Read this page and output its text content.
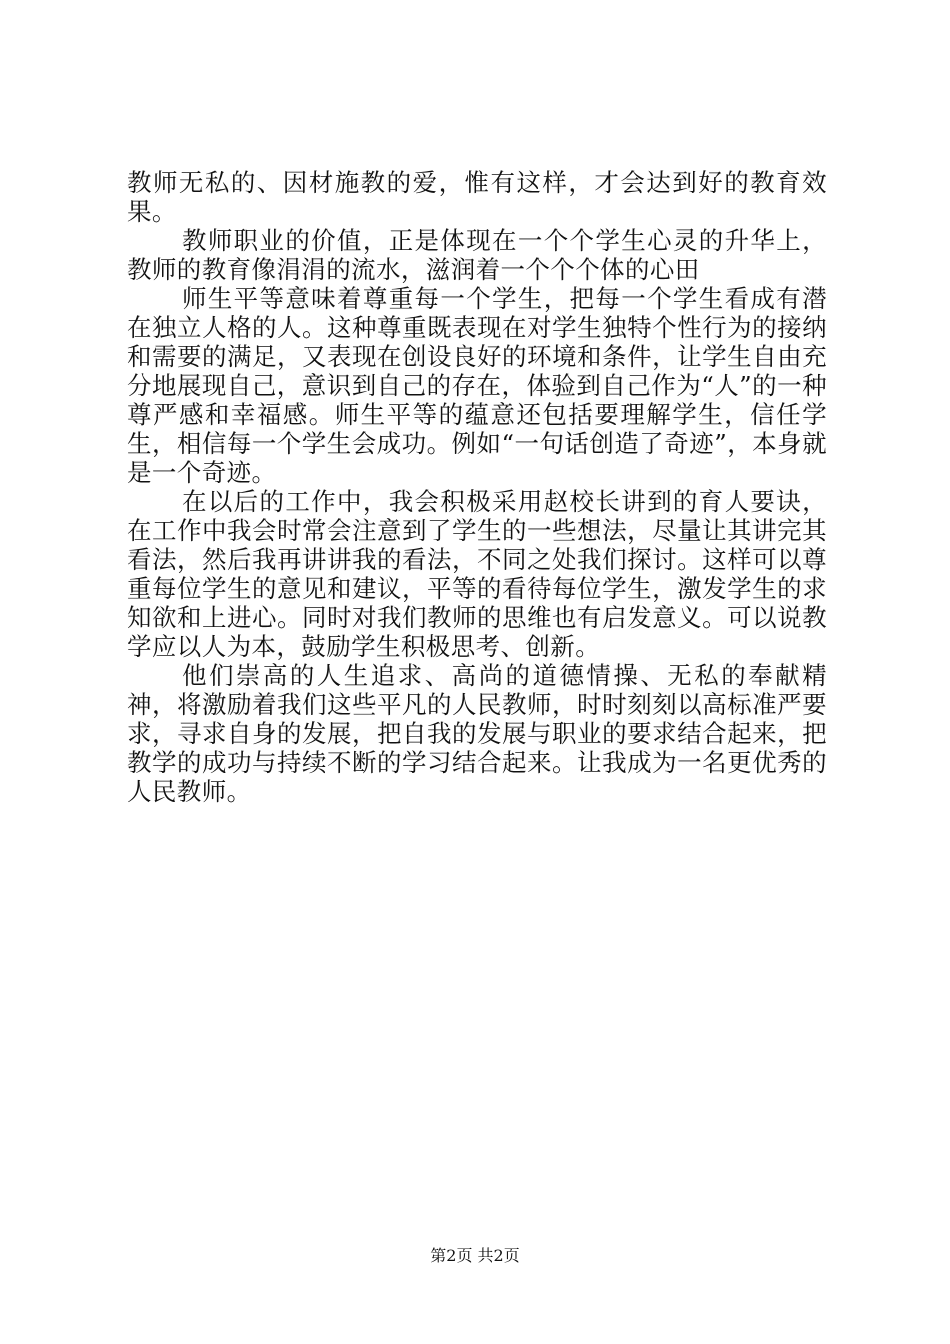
教师无私的、因材施教的爱，惟有这样，才会达到好的教育效果。

教师职业的价值，正是体现在一个个学生心灵的升华上，教师的教育像涓涓的流水，滋润着一个个个体的心田

师生平等意味着尊重每一个学生，把每一个学生看成有潜在独立人格的人。这种尊重既表现在对学生独特个性行为的接纳和需要的满足，又表现在创设良好的环境和条件，让学生自由充分地展现自己，意识到自己的存在，体验到自己作为“人”的一种尊严感和幸福感。师生平等的蕴意还包括要理解学生，信任学生，相信每一个学生会成功。例如“一句话创造了奇迹”，本身就是一个奇迹。

在以后的工作中，我会积极采用赵校长讲到的育人要诀，在工作中我会时常会注意到了学生的一些想法，尽量让其讲完其看法，然后我再讲讲我的看法，不同之处我们探讨。这样可以尊重每位学生的意见和建议，平等的看待每位学生，激发学生的求知欲和上进心。同时对我们教师的思维也有启发意义。可以说教学应以人为本，鼓励学生积极思考、创新。

他们崇高的人生追求、高尚的道德情操、无私的奉献精神，将激励着我们这些平凡的人民教师，时时刻刻以高标准严要求，寻求自身的发展，把自我的发展与职业的要求结合起来，把教学的成功与持续不断的学习结合起来。让我成为一名更优秀的人民教师。

第2页 共2页
